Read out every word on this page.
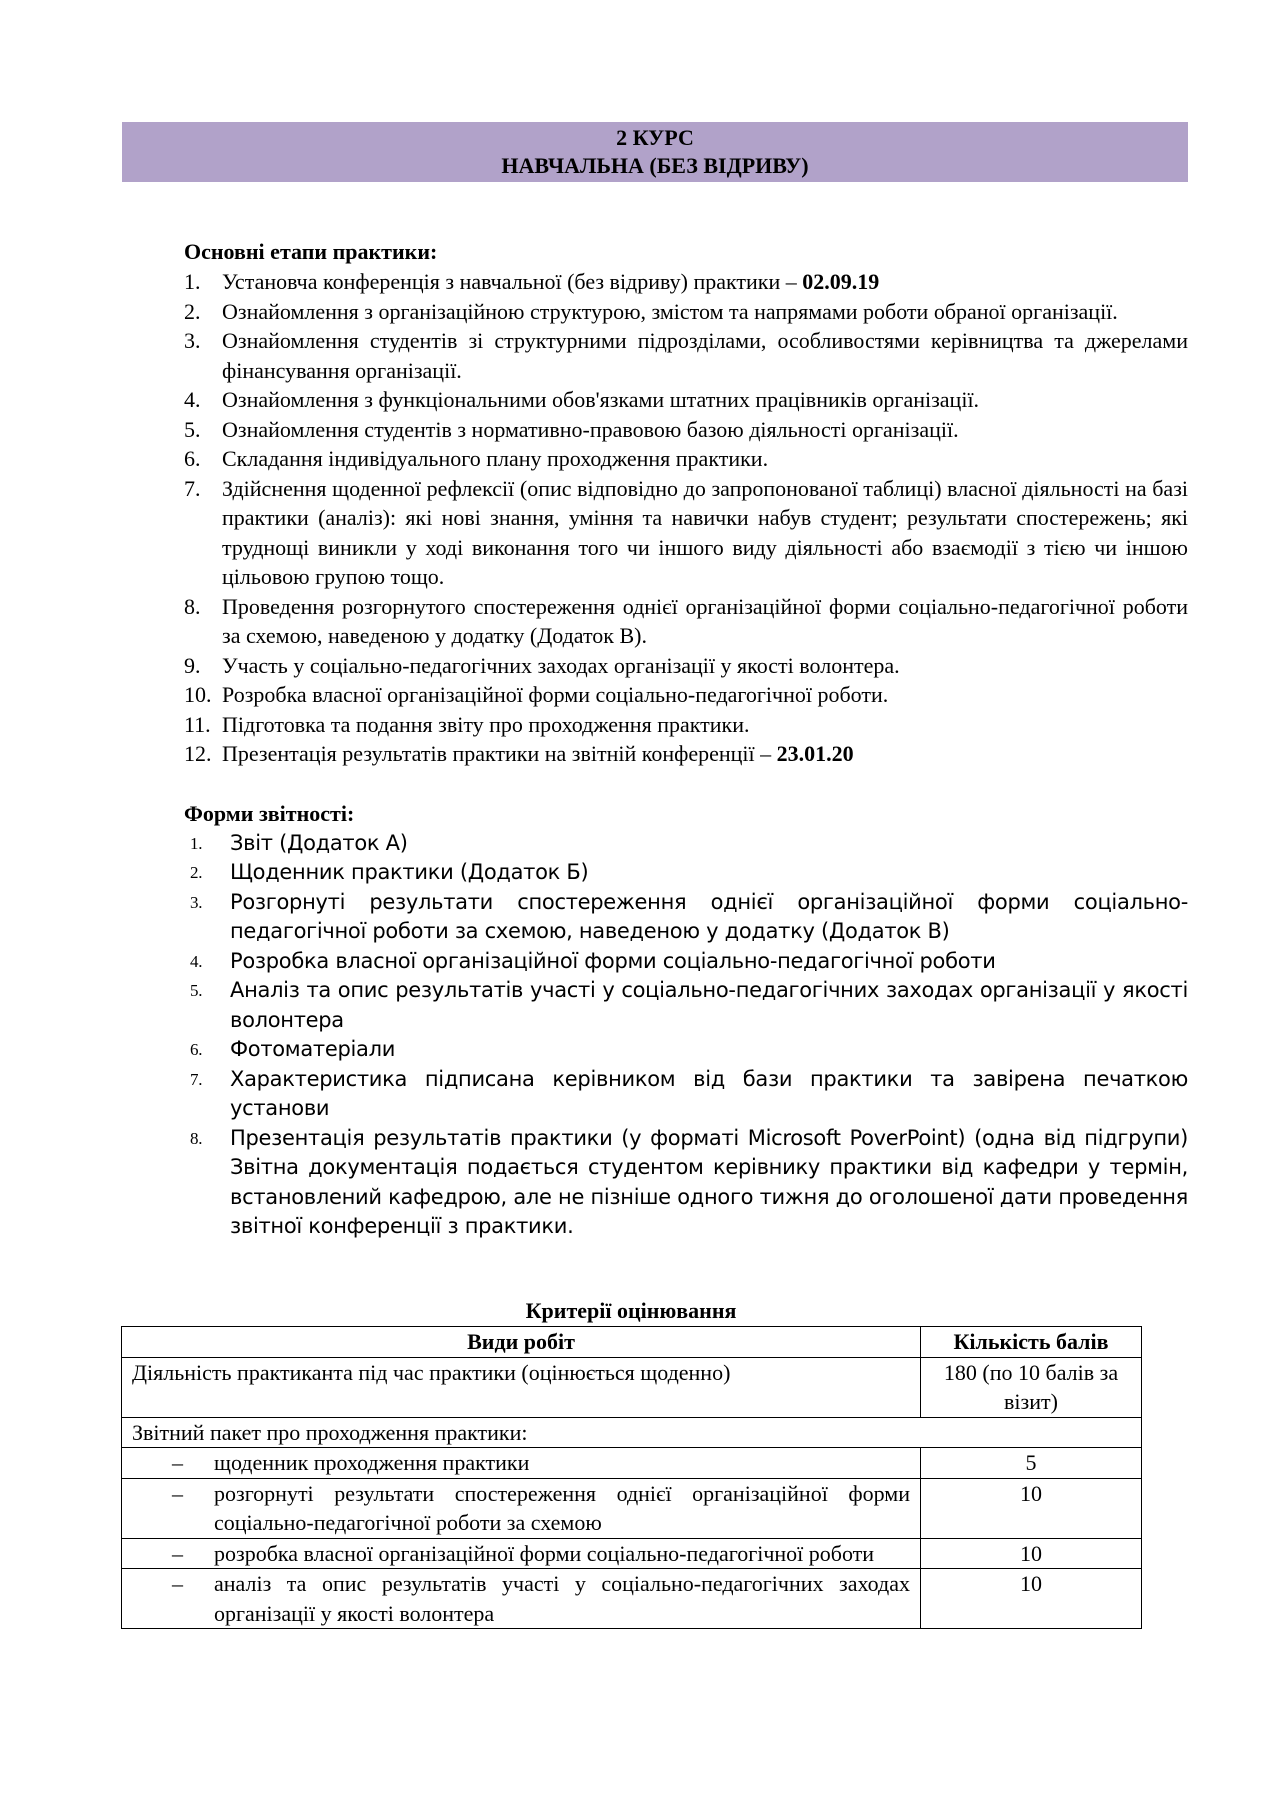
2 КУРС
НАВЧАЛЬНА (БЕЗ ВІДРИВУ)
Основні етапи практики:
1. Установча конференція з навчальної (без відриву) практики – 02.09.19
2. Ознайомлення з організаційною структурою, змістом та напрямами роботи обраної організації.
3. Ознайомлення студентів зі структурними підрозділами, особливостями керівництва та джерелами фінансування організації.
4. Ознайомлення з функціональними обов'язками штатних працівників організації.
5. Ознайомлення студентів з нормативно-правовою базою діяльності організації.
6. Складання індивідуального плану проходження практики.
7. Здійснення щоденної рефлексії (опис відповідно до запропонованої таблиці) власної діяльності на базі практики (аналіз): які нові знання, уміння та навички набув студент; результати спостережень; які труднощі виникли у ході виконання того чи іншого виду діяльності або взаємодії з тією чи іншою цільовою групою тощо.
8. Проведення розгорнутого спостереження однієї організаційної форми соціально-педагогічної роботи за схемою, наведеною у додатку (Додаток В).
9. Участь у соціально-педагогічних заходах організації у якості волонтера.
10. Розробка власної організаційної форми соціально-педагогічної роботи.
11. Підготовка та подання звіту про проходження практики.
12. Презентація результатів практики на звітній конференції – 23.01.20
Форми звітності:
1. Звіт (Додаток А)
2. Щоденник практики (Додаток Б)
3. Розгорнуті результати спостереження однієї організаційної форми соціально-педагогічної роботи за схемою, наведеною у додатку (Додаток В)
4. Розробка власної організаційної форми соціально-педагогічної роботи
5. Аналіз та опис результатів участі у соціально-педагогічних заходах організації у якості волонтера
6. Фотоматеріали
7. Характеристика підписана керівником від бази практики та завірена печаткою установи
8. Презентація результатів практики (у форматі Microsoft PoverPoint) (одна від підгрупи) Звітна документація подається студентом керівнику практики від кафедри у термін, встановлений кафедрою, але не пізніше одного тижня до оголошеної дати проведення звітної конференції з практики.
Критерії оцінювання
Види робіт	Кількість балів
Діяльність практиканта під час практики (оцінюється щоденно)	180 (по 10 балів за візит)
Звітний пакет про проходження практики:	

– щоденник проходження практики	5

– розгорнуті результати спостереження однієї організаційної форми соціально-педагогічної роботи за схемою	10

– розробка власної організаційної форми соціально-педагогічної роботи	10

– аналіз та опис результатів участі у соціально-педагогічних заходах організації у якості волонтера	10
